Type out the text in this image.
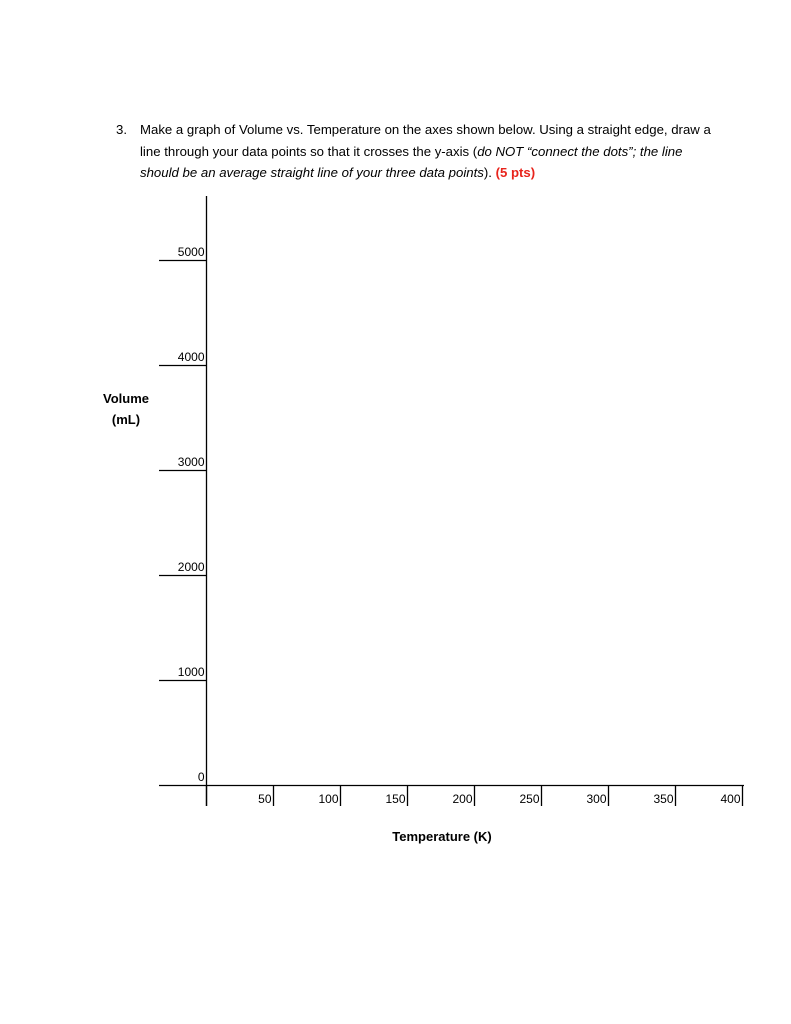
3. Make a graph of Volume vs. Temperature on the axes shown below. Using a straight edge, draw a line through your data points so that it crosses the y-axis (do NOT “connect the dots”; the line should be an average straight line of your three data points). (5 pts)
0
1000
2000
3000
4000
5000
50	100	150	200	250	300	350	400
Volume
(mL)
Temperature (K)
